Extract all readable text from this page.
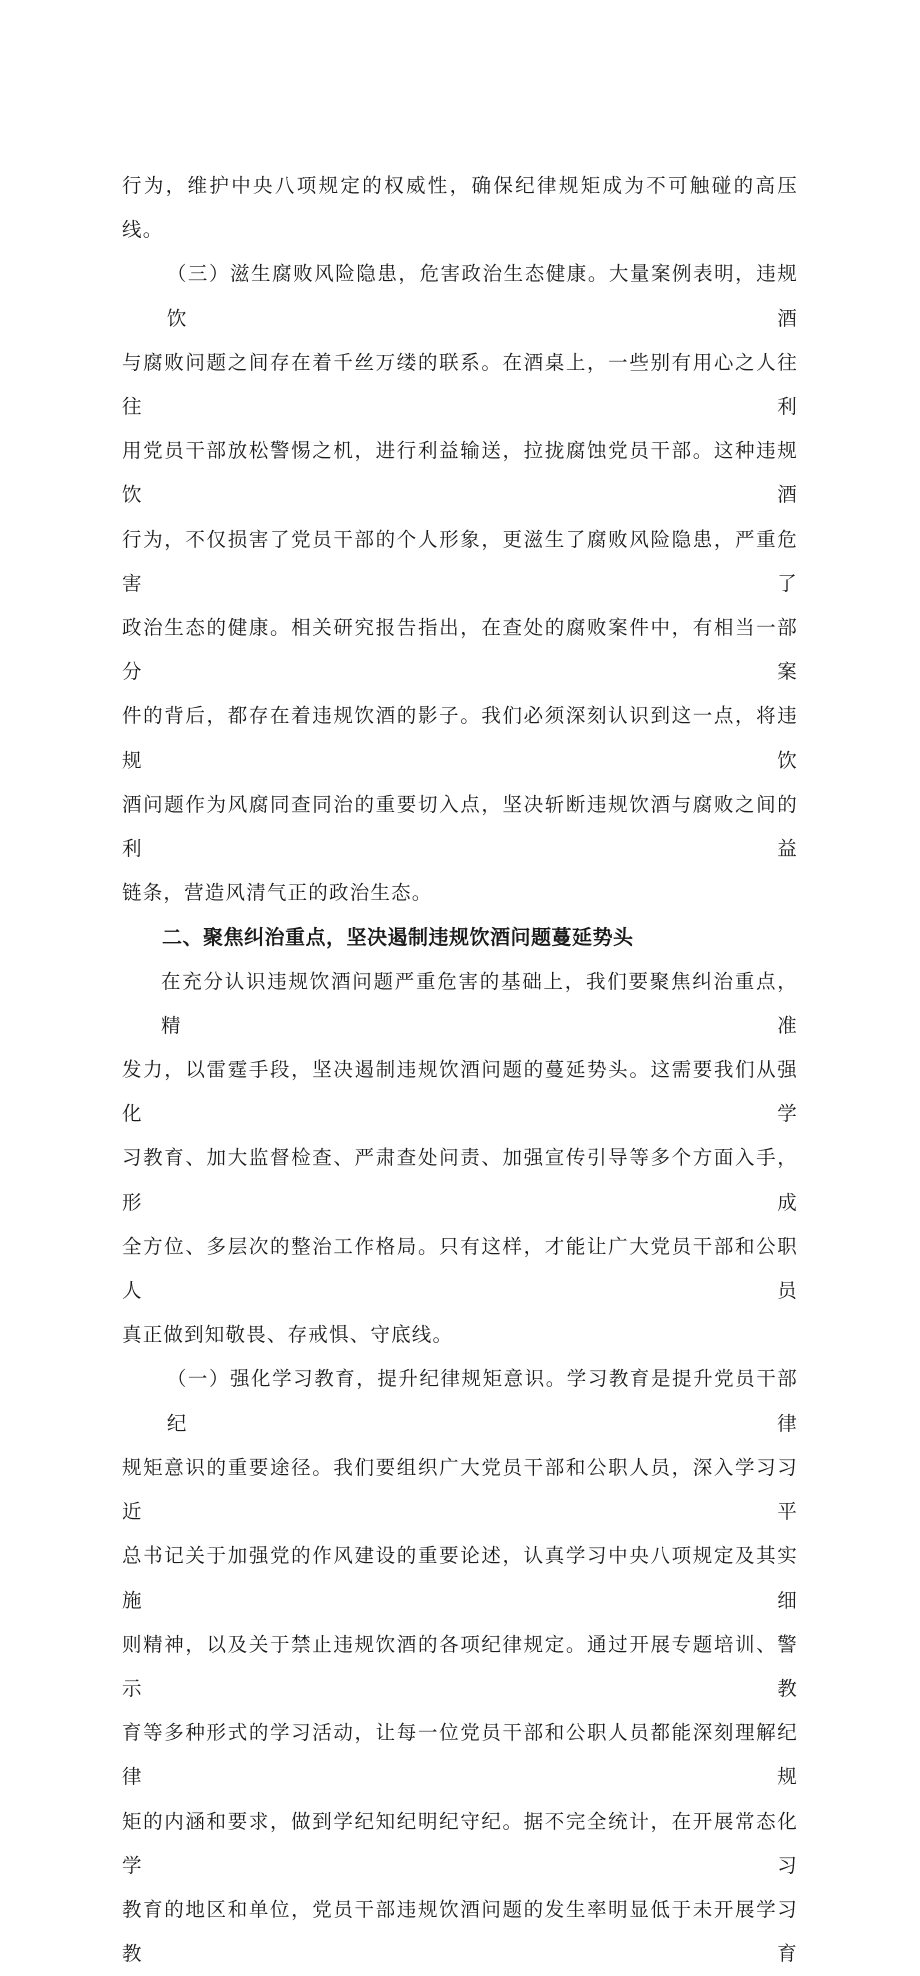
行为，维护中央八项规定的权威性，确保纪律规矩成为不可触碰的高压线。
（三）滋生腐败风险隐患，危害政治生态健康。大量案例表明，违规饮酒
与腐败问题之间存在着千丝万缕的联系。在酒桌上，一些别有用心之人往往利
用党员干部放松警惕之机，进行利益输送，拉拢腐蚀党员干部。这种违规饮酒
行为，不仅损害了党员干部的个人形象，更滋生了腐败风险隐患，严重危害了
政治生态的健康。相关研究报告指出，在查处的腐败案件中，有相当一部分案
件的背后，都存在着违规饮酒的影子。我们必须深刻认识到这一点，将违规饮
酒问题作为风腐同查同治的重要切入点，坚决斩断违规饮酒与腐败之间的利益
链条，营造风清气正的政治生态。
二、聚焦纠治重点，坚决遏制违规饮酒问题蔓延势头
在充分认识违规饮酒问题严重危害的基础上，我们要聚焦纠治重点，精准
发力，以雷霆手段，坚决遏制违规饮酒问题的蔓延势头。这需要我们从强化学
习教育、加大监督检查、严肃查处问责、加强宣传引导等多个方面入手，形成
全方位、多层次的整治工作格局。只有这样，才能让广大党员干部和公职人员
真正做到知敬畏、存戒惧、守底线。
（一）强化学习教育，提升纪律规矩意识。学习教育是提升党员干部纪律
规矩意识的重要途径。我们要组织广大党员干部和公职人员，深入学习习近平
总书记关于加强党的作风建设的重要论述，认真学习中央八项规定及其实施细
则精神，以及关于禁止违规饮酒的各项纪律规定。通过开展专题培训、警示教
育等多种形式的学习活动，让每一位党员干部和公职人员都能深刻理解纪律规
矩的内涵和要求，做到学纪知纪明纪守纪。据不完全统计，在开展常态化学习
教育的地区和单位，党员干部违规饮酒问题的发生率明显低于未开展学习教育
